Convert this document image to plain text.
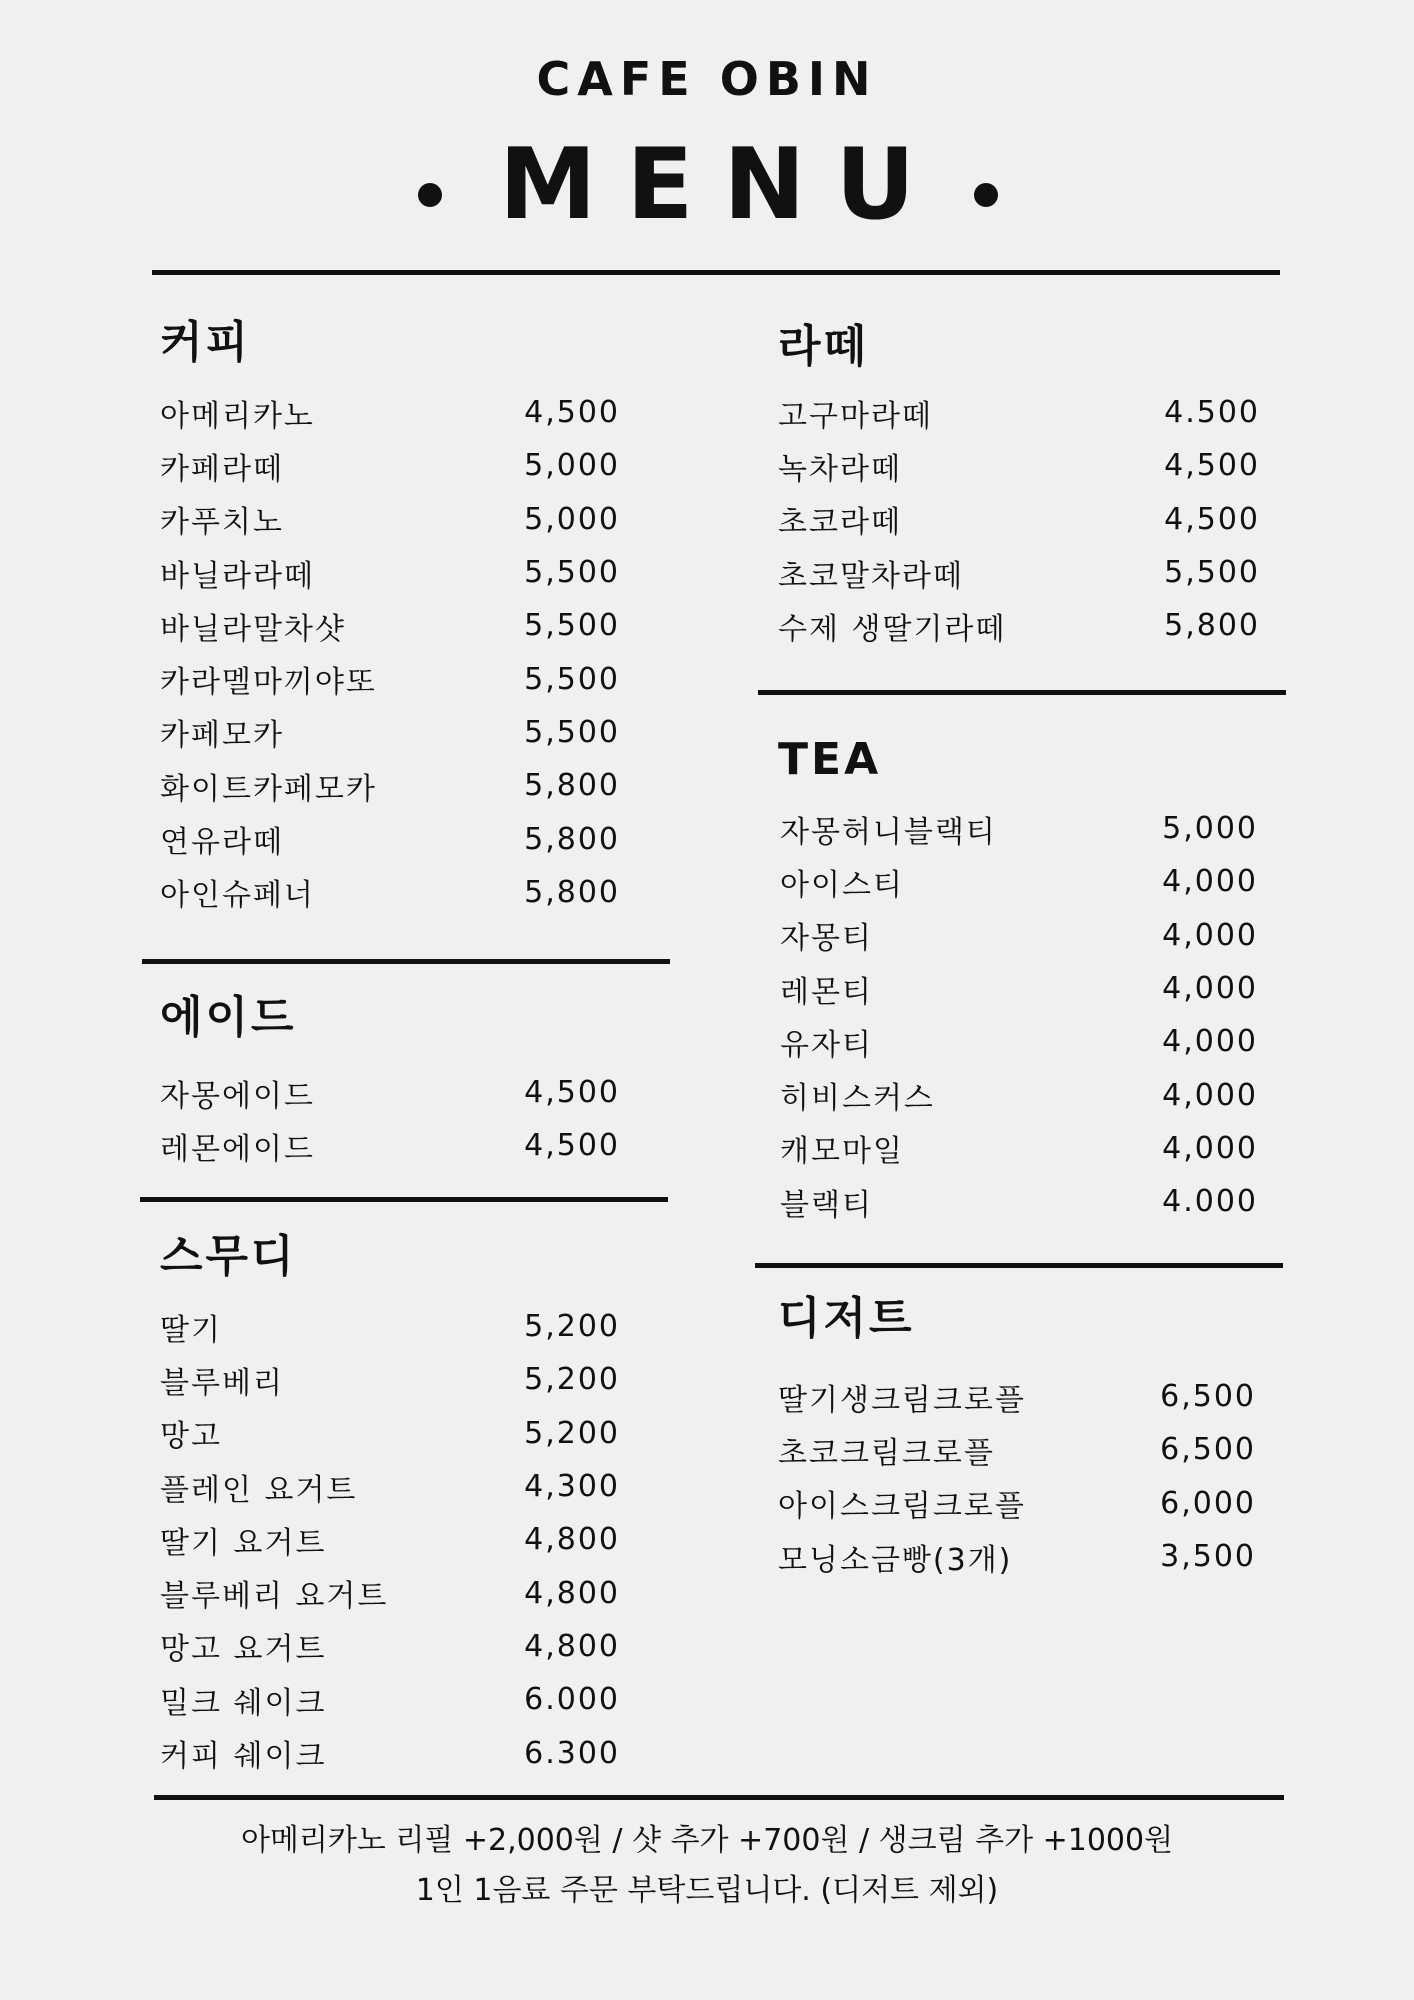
CAFE OBIN
MENU
커피
아메리카노	4,500
카페라떼	5,000
카푸치노	5,000
바닐라라떼	5,500
바닐라말차샷	5,500
카라멜마끼야또	5,500
카페모카	5,500
화이트카페모카	5,800
연유라떼	5,800
아인슈페너	5,800
에이드
자몽에이드	4,500
레몬에이드	4,500
스무디
딸기	5,200
블루베리	5,200
망고	5,200
플레인 요거트	4,300
딸기 요거트	4,800
블루베리 요거트	4,800
망고 요거트	4,800
밀크 쉐이크	6.000
커피 쉐이크	6.300
라떼
고구마라떼	4.500
녹차라떼	4,500
초코라떼	4,500
초코말차라떼	5,500
수제 생딸기라떼	5,800
TEA
자몽허니블랙티	5,000
아이스티	4,000
자몽티	4,000
레몬티	4,000
유자티	4,000
히비스커스	4,000
캐모마일	4,000
블랙티	4.000
디저트
딸기생크림크로플	6,500
초코크림크로플	6,500
아이스크림크로플	6,000
모닝소금빵(3개)	3,500
아메리카노 리필 +2,000원 / 샷 추가 +700원 / 생크림 추가 +1000원
1인 1음료 주문 부탁드립니다. (디저트 제외)
